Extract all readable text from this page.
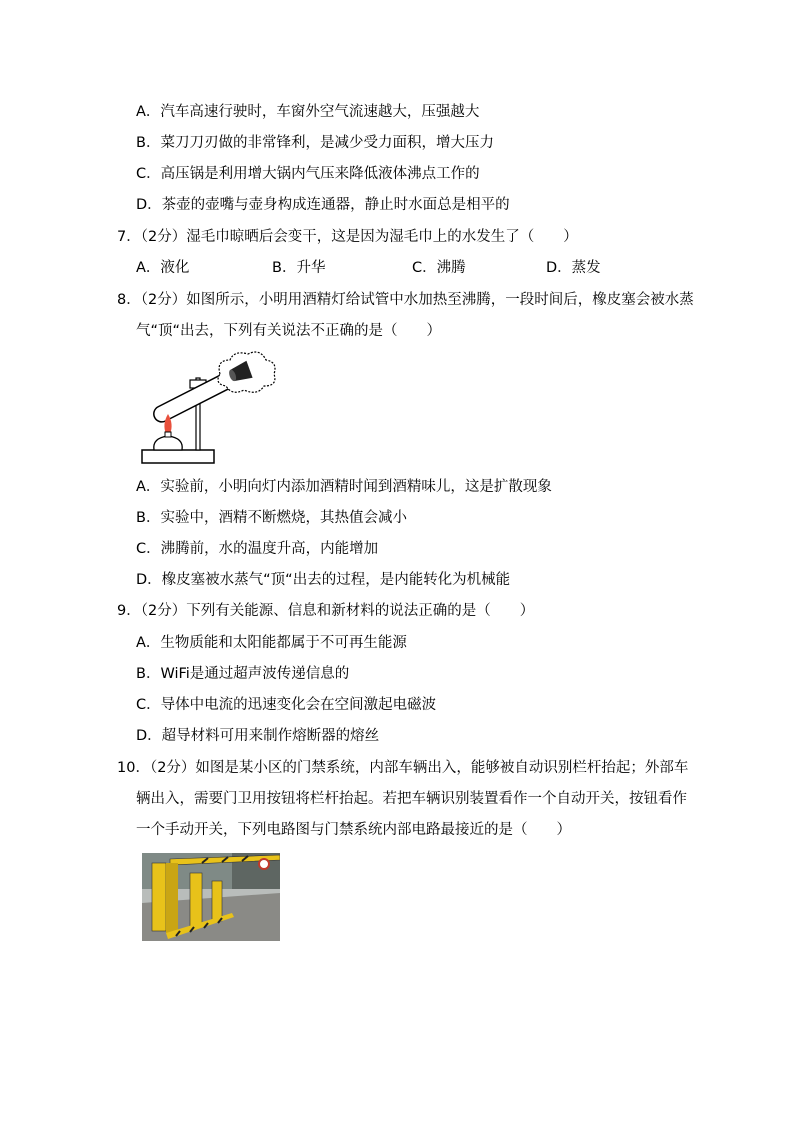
A．汽车高速行驶时，车窗外空气流速越大，压强越大
B．菜刀刀刃做的非常锋利，是减少受力面积，增大压力
C．高压锅是利用增大锅内气压来降低液体沸点工作的
D．茶壶的壶嘴与壶身构成连通器，静止时水面总是相平的
7．（2分）湿毛巾晾晒后会变干，这是因为湿毛巾上的水发生了（　　）
A．液化	B．升华	C．沸腾	D．蒸发
8．（2分）如图所示，小明用酒精灯给试管中水加热至沸腾，一段时间后，橡皮塞会被水蒸
气“顶“出去，下列有关说法不正确的是（　　）
A．实验前，小明向灯内添加酒精时闻到酒精味儿，这是扩散现象
B．实验中，酒精不断燃烧，其热值会减小
C．沸腾前，水的温度升高，内能增加
D．橡皮塞被水蒸气“顶“出去的过程，是内能转化为机械能
9．（2分）下列有关能源、信息和新材料的说法正确的是（　　）
A．生物质能和太阳能都属于不可再生能源
B．WiFi是通过超声波传递信息的
C．导体中电流的迅速变化会在空间激起电磁波
D．超导材料可用来制作熔断器的熔丝
10．（2分）如图是某小区的门禁系统，内部车辆出入，能够被自动识别栏杆抬起；外部车
辆出入，需要门卫用按钮将栏杆抬起。若把车辆识别装置看作一个自动开关，按钮看作
一个手动开关，下列电路图与门禁系统内部电路最接近的是（　　）
